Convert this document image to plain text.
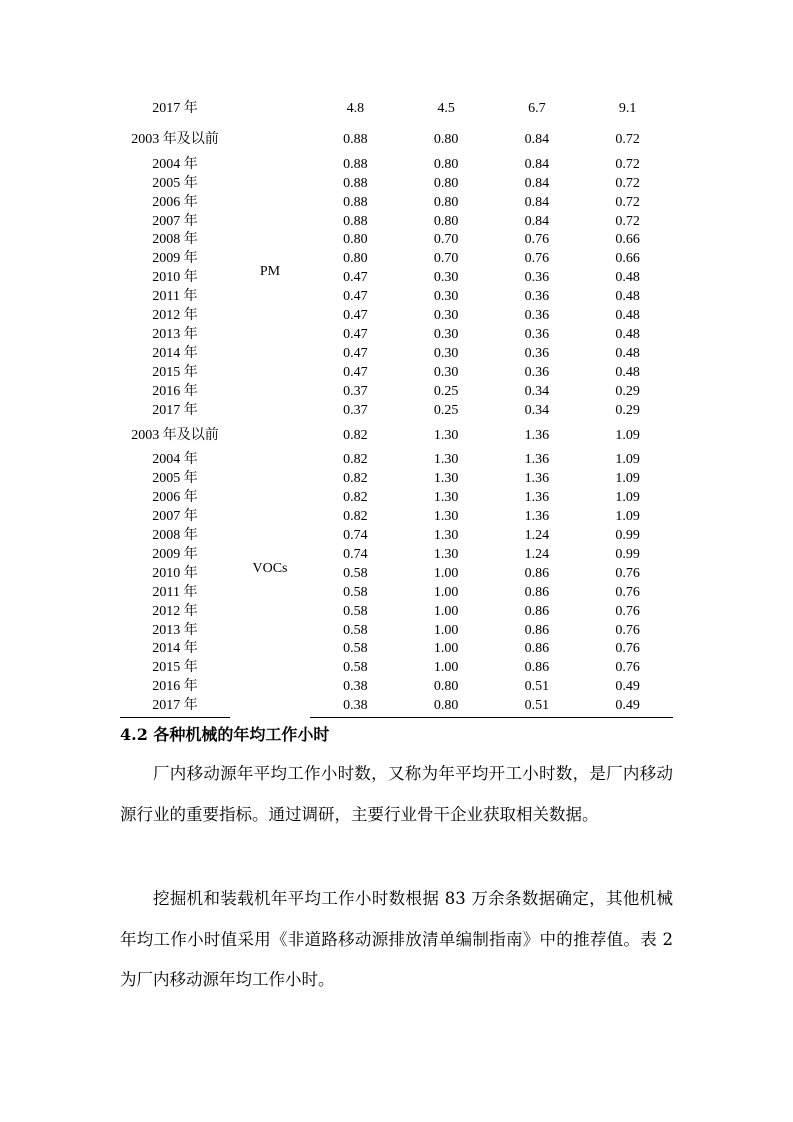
2017 年		4.8	4.5	6.7	9.1
2003 年及以前	PM	0.88	0.80	0.84	0.72
2004 年		0.88	0.80	0.84	0.72
2005 年		0.88	0.80	0.84	0.72
2006 年		0.88	0.80	0.84	0.72
2007 年		0.88	0.80	0.84	0.72
2008 年		0.80	0.70	0.76	0.66
2009 年		0.80	0.70	0.76	0.66
2010 年		0.47	0.30	0.36	0.48
2011 年		0.47	0.30	0.36	0.48
2012 年		0.47	0.30	0.36	0.48
2013 年		0.47	0.30	0.36	0.48
2014 年		0.47	0.30	0.36	0.48
2015 年		0.47	0.30	0.36	0.48
2016 年		0.37	0.25	0.34	0.29
2017 年		0.37	0.25	0.34	0.29
2003 年及以前	VOCs	0.82	1.30	1.36	1.09
2004 年		0.82	1.30	1.36	1.09
2005 年		0.82	1.30	1.36	1.09
2006 年		0.82	1.30	1.36	1.09
2007 年		0.82	1.30	1.36	1.09
2008 年		0.74	1.30	1.24	0.99
2009 年		0.74	1.30	1.24	0.99
2010 年		0.58	1.00	0.86	0.76
2011 年		0.58	1.00	0.86	0.76
2012 年		0.58	1.00	0.86	0.76
2013 年		0.58	1.00	0.86	0.76
2014 年		0.58	1.00	0.86	0.76
2015 年		0.58	1.00	0.86	0.76
2016 年		0.38	0.80	0.51	0.49
2017 年		0.38	0.80	0.51	0.49
4.2 各种机械的年均工作小时

厂内移动源年平均工作小时数，又称为年平均开工小时数，是厂内移动源行业的重要指标。通过调研，主要行业骨干企业获取相关数据。

挖掘机和装载机年平均工作小时数根据 83 万余条数据确定，其他机械年均工作小时值采用《非道路移动源排放清单编制指南》中的推荐值。表 2 为厂内移动源年均工作小时。
